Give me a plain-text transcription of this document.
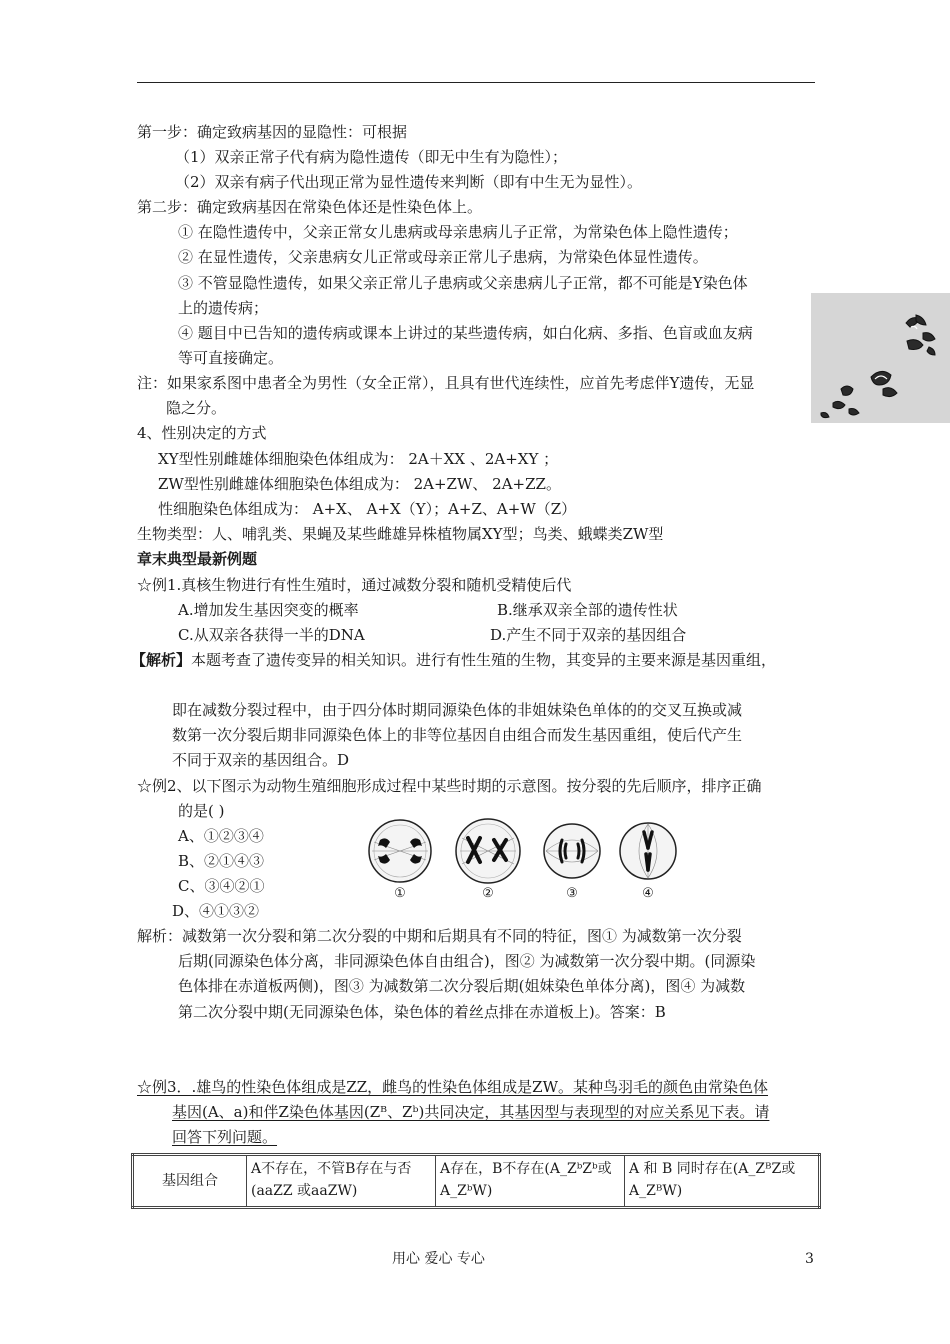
第一步：确定致病基因的显隐性：可根据
（1）双亲正常子代有病为隐性遗传（即无中生有为隐性）；
（2）双亲有病子代出现正常为显性遗传来判断（即有中生无为显性）。
第二步：确定致病基因在常染色体还是性染色体上。
① 在隐性遗传中，父亲正常女儿患病或母亲患病儿子正常，为常染色体上隐性遗传；
② 在显性遗传，父亲患病女儿正常或母亲正常儿子患病，为常染色体显性遗传。
③ 不管显隐性遗传，如果父亲正常儿子患病或父亲患病儿子正常，都不可能是Y染色体
上的遗传病；
④ 题目中已告知的遗传病或课本上讲过的某些遗传病，如白化病、多指、色盲或血友病
等可直接确定。
注：如果家系图中患者全为男性（女全正常），且具有世代连续性，应首先考虑伴Y遗传，无显
隐之分。
4、性别决定的方式
XY型性别雌雄体细胞染色体组成为： 2A＋XX 、2A+XY ；
ZW型性别雌雄体细胞染色体组成为： 2A+ZW、 2A+ZZ。
性细胞染色体组成为： A+X、 A+X（Y）；A+Z、A+W（Z）
生物类型：人、哺乳类、果蝇及某些雌雄异株植物属XY型；鸟类、蛾蝶类ZW型
章末典型最新例题
☆例1.真核生物进行有性生殖时，通过减数分裂和随机受精使后代
A.增加发生基因突变的概率	B.继承双亲全部的遗传性状
C.从双亲各获得一半的DNA	D.产生不同于双亲的基因组合
【解析】本题考查了遗传变异的相关知识。进行有性生殖的生物，其变异的主要来源是基因重组，
即在减数分裂过程中，由于四分体时期同源染色体的非姐妹染色单体的的交叉互换或减
数第一次分裂后期非同源染色体上的非等位基因自由组合而发生基因重组，使后代产生
不同于双亲的基因组合。D
☆例2、以下图示为动物生殖细胞形成过程中某些时期的示意图。按分裂的先后顺序，排序正确
的是( )
A、①②③④
B、②①④③
C、③④②①
D、④①③②
①	②	③	④
解析：减数第一次分裂和第二次分裂的中期和后期具有不同的特征，图① 为减数第一次分裂
后期(同源染色体分离，非同源染色体自由组合)，图② 为减数第一次分裂中期。(同源染
色体排在赤道板两侧)，图③ 为减数第二次分裂后期(姐妹染色单体分离)，图④ 为减数
第二次分裂中期(无同源染色体，染色体的着丝点排在赤道板上)。答案：B
☆例3．.雄鸟的性染色体组成是ZZ，雌鸟的性染色体组成是ZW。某种鸟羽毛的颜色由常染色体
基因(A、a)和伴Z染色体基因(Zᴮ、Zᵇ)共同决定，其基因型与表现型的对应关系见下表。请
回答下列问题。
基因组合	A不存在，不管B存在与否(aaZZ 或aaZW)	A存在，B不存在(A_ZᵇZᵇ或A_ZᵇW)	A 和 B 同时存在(A_ZᴮZ或A_ZᴮW)
用心 爱心 专心	3
